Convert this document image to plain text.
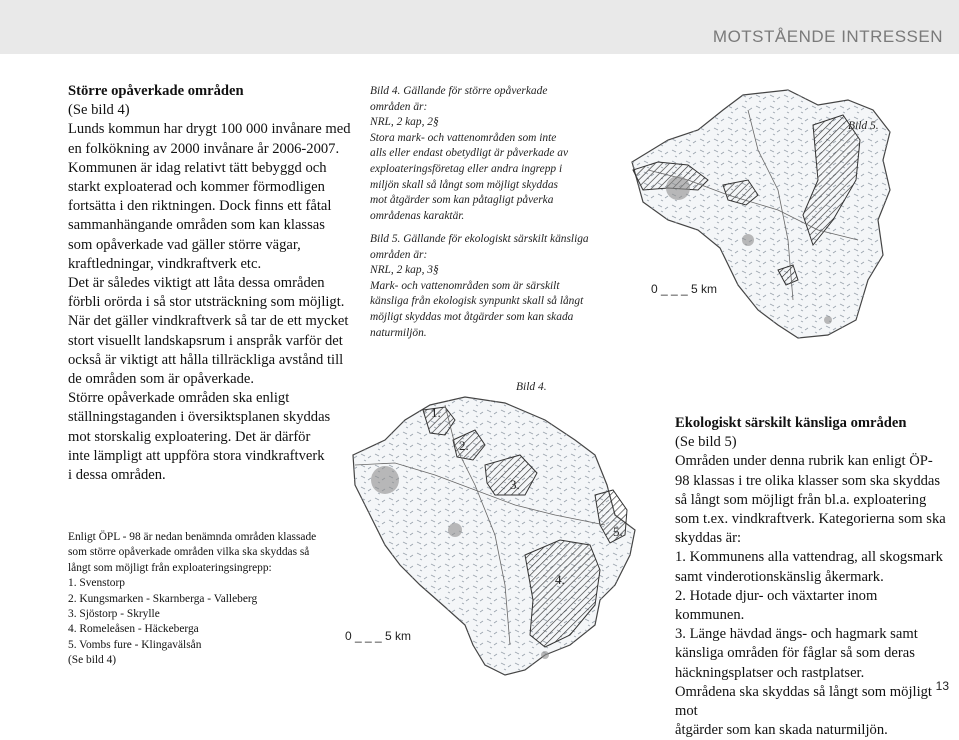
MOTSTÅENDE INTRESSEN

Större opåverkade områden

(Se bild 4)

Lunds kommun har drygt 100 000 invånare med

en folkökning av 2000 invånare år 2006-2007.

Kommunen är idag relativt tätt bebyggd och

starkt exploaterad och kommer förmodligen

fortsätta i den riktningen. Dock finns ett fåtal

sammanhängande områden som kan klassas

som opåverkade vad gäller större vägar,

kraftledningar, vindkraftverk etc.

Det är således viktigt att låta dessa områden

förbli orörda i så stor utsträckning som möjligt.

När det gäller vindkraftverk så tar de ett mycket

stort visuellt landskapsrum i anspråk varför det

också är viktigt att hålla tillräckliga avstånd till

de områden som är opåverkade.

Större opåverkade områden ska enligt

ställningstaganden i översiktsplanen skyddas

mot storskalig exploatering. Det är därför

inte lämpligt att uppföra stora vindkraftverk

i dessa områden.

Enligt ÖPL - 98 är nedan benämnda områden klassade

som större opåverkade områden vilka ska skyddas så

långt som möjligt från exploateringsingrepp:

1. Svenstorp

2. Kungsmarken - Skarnberga - Valleberg

3. Sjöstorp - Skrylle

4. Romeleåsen - Häckeberga

5. Vombs fure - Klingavälsån

(Se bild 4)

Bild 4. Gällande för större opåverkade

områden är:

NRL, 2 kap, 2§

Stora mark- och vattenområden som inte

alls eller endast obetydligt är påverkade av

exploateringsföretag eller andra ingrepp i

miljön skall så långt som möjligt skyddas

mot åtgärder som kan påtagligt påverka

områdenas karaktär.

Bild 5. Gällande för ekologiskt särskilt känsliga

områden är:

NRL, 2 kap, 3§

Mark- och vattenområden som är särskilt

känsliga från ekologisk synpunkt skall så långt

möjligt skyddas mot åtgärder som kan skada

naturmiljön.

Bild 5.
0 _ _ _ 5 km
Bild 4.
0 _ _ _ 5 km
1.
2.
3.
4.
5.

Ekologiskt särskilt känsliga områden

(Se bild 5)

Områden under denna rubrik kan enligt ÖP-

98 klassas i tre olika klasser som ska skyddas

så långt som möjligt från bl.a. exploatering

som t.ex. vindkraftverk. Kategorierna som ska

skyddas är:

1. Kommunens alla vattendrag, all skogsmark

samt vinderotionskänslig åkermark.

2. Hotade djur- och växtarter inom kommunen.

3. Länge hävdad ängs- och hagmark samt

känsliga områden för fåglar så som deras

häckningsplatser och rastplatser.

Områdena ska skyddas så långt som möjligt mot

åtgärder som kan skada naturmiljön.

13
